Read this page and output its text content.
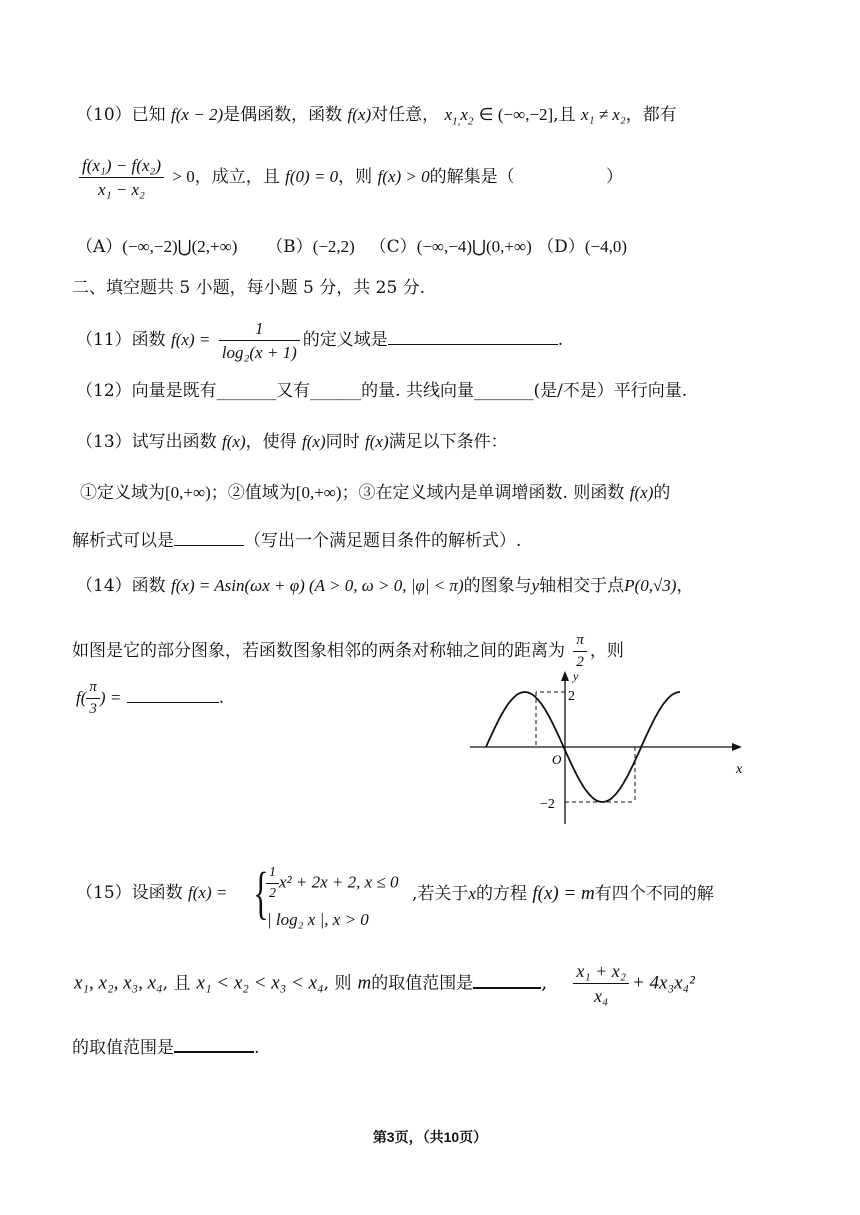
（10）已知 f(x − 2)是偶函数，函数 f(x)对任意， $x_{1,}x_2$ ∈ (−∞,−2],且 x₁ ≠ x₂，都有
$\frac{\text{f(x₁) − f(x₂)}}{\text{x₁ − x₂}} > 0$，成立，且 f(0) = 0，则 f(x) > 0的解集是（	）
（A）(−∞,−2)⋃(2,+∞) （B）(−2,2) （C）(−∞,−4)⋃(0,+∞) （D）(−4,0)
二、填空题共 5 小题，每小题 5 分，共 25 分.
（11）函数 $f(x) = \frac{1}{\text{log₂(x + 1)}}$ 的定义域是	.
（12）向量是既有_______又有______的量. 共线向量_______(是/不是）平行向量.
（13）试写出函数 f(x)，使得 f(x)同时 f(x)满足以下条件：
①定义域为[0,+∞)；②值域为[0,+∞)；③在定义域内是单调增函数. 则函数 f(x)的
解析式可以是	（写出一个满足题目条件的解析式）.
（14）函数 f(x) = Asin(ωx + φ) (A > 0, ω > 0, |φ| < π)的图象与y轴相交于点P(0,√3)，
如图是它的部分图象，若函数图象相邻的两条对称轴之间的距离为 $\frac{\pi}{2}$ ，则
$f( \frac{\pi}{3}$ ) =	.
y
x
O
2
−2
（15）设函数 f(x) = {
$\frac{1}{2} x^2 + 2x + 2$, x ≤ 0
| log₂ x |, x > 0
,若关于x的方程 f(x) = m有四个不同的解
x₁, x₂, x₃, x₄, 且 x₁ < x₂ < x₃ < x₄, 则 m的取值范围是	, $\frac{\text{x₁ + x₂}}{\text{x₄}} + 4x_3x_4^2$
的取值范围是	.
第3页，（共10页）
